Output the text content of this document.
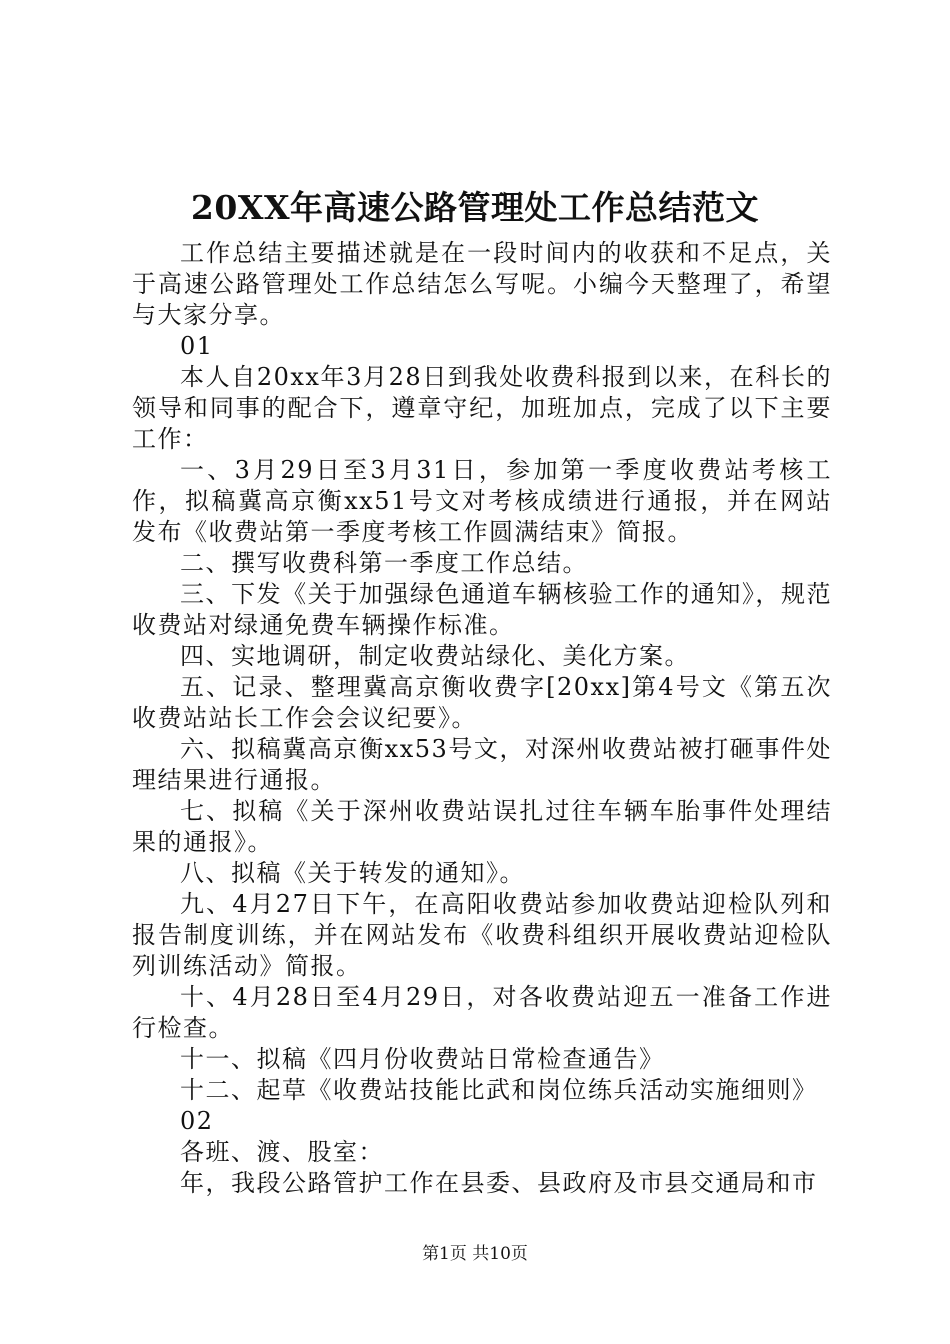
20XX年高速公路管理处工作总结范文

工作总结主要描述就是在一段时间内的收获和不足点，关于高速公路管理处工作总结怎么写呢。小编今天整理了，希望与大家分享。

01

本人自20xx年3月28日到我处收费科报到以来，在科长的领导和同事的配合下，遵章守纪，加班加点，完成了以下主要工作：

一、3月29日至3月31日，参加第一季度收费站考核工作，拟稿冀高京衡xx51号文对考核成绩进行通报，并在网站发布《收费站第一季度考核工作圆满结束》简报。

二、撰写收费科第一季度工作总结。

三、下发《关于加强绿色通道车辆核验工作的通知》，规范收费站对绿通免费车辆操作标准。

四、实地调研，制定收费站绿化、美化方案。

五、记录、整理冀高京衡收费字[20xx]第4号文《第五次收费站站长工作会会议纪要》。

六、拟稿冀高京衡xx53号文，对深州收费站被打砸事件处理结果进行通报。

七、拟稿《关于深州收费站误扎过往车辆车胎事件处理结果的通报》。

八、拟稿《关于转发的通知》。

九、4月27日下午，在高阳收费站参加收费站迎检队列和报告制度训练，并在网站发布《收费科组织开展收费站迎检队列训练活动》简报。

十、4月28日至4月29日，对各收费站迎五一准备工作进行检查。

十一、拟稿《四月份收费站日常检查通告》

十二、起草《收费站技能比武和岗位练兵活动实施细则》

02

各班、渡、股室：

年，我段公路管护工作在县委、县政府及市县交通局和市

第1页 共10页
